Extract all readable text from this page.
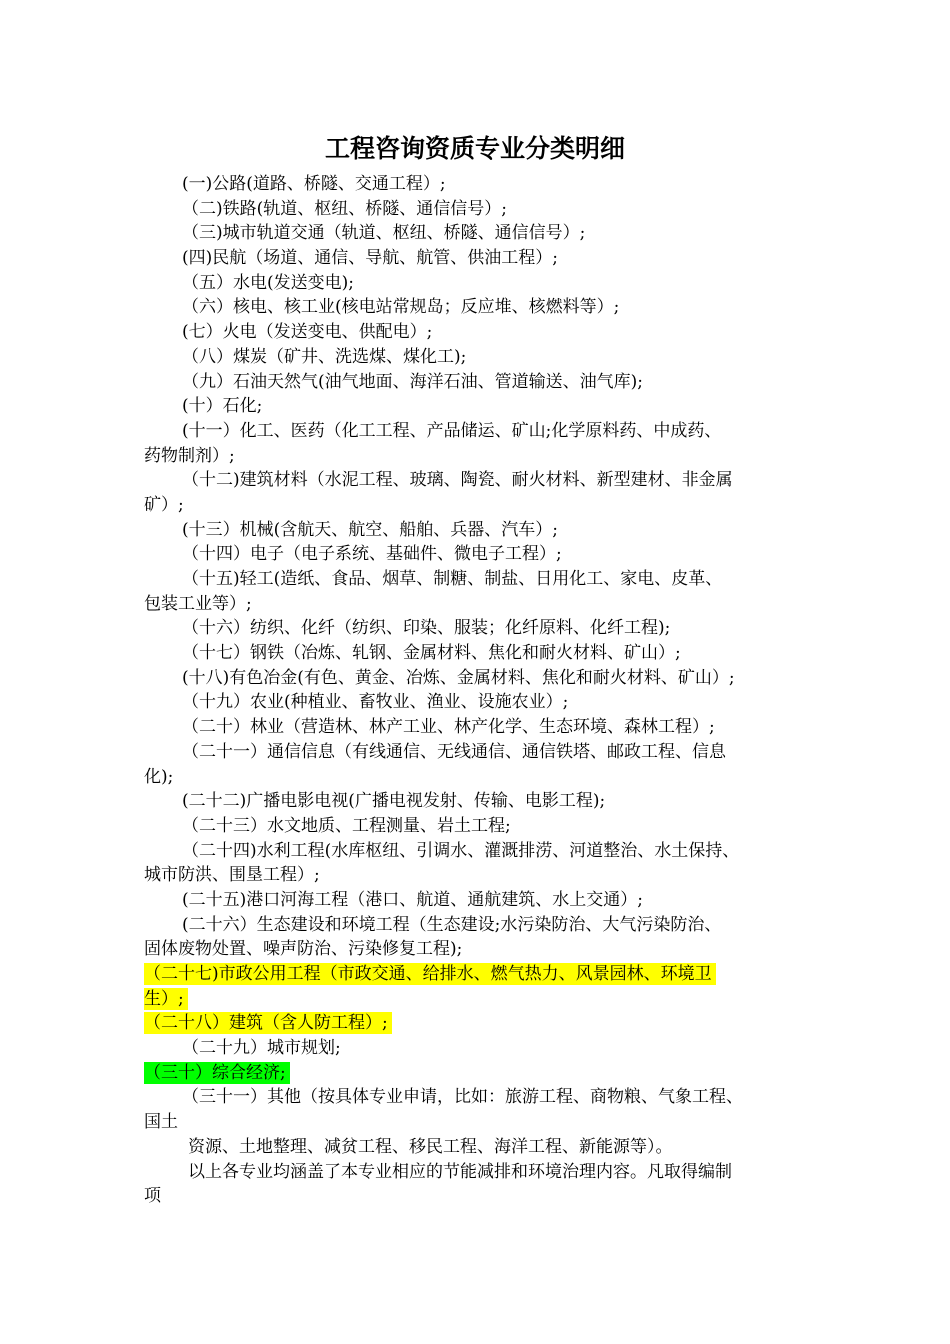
工程咨询资质专业分类明细
(一)公路(道路、桥隧、交通工程）;
（二)铁路(轨道、枢纽、桥隧、通信信号）;
（三)城市轨道交通（轨道、枢纽、桥隧、通信信号）;
(四)民航（场道、通信、导航、航管、供油工程）;
（五）水电(发送变电);
（六）核电、核工业(核电站常规岛；反应堆、核燃料等）;
(七）火电（发送变电、供配电）;
（八）煤炭（矿井、洗选煤、煤化工);
（九）石油天然气(油气地面、海洋石油、管道输送、油气库);
(十）石化;
(十一）化工、医药（化工工程、产品储运、矿山;化学原料药、中成药、
药物制剂）;
（十二)建筑材料（水泥工程、玻璃、陶瓷、耐火材料、新型建材、非金属
矿）;
(十三）机械(含航天、航空、船舶、兵器、汽车）;
（十四）电子（电子系统、基础件、微电子工程）;
（十五)轻工(造纸、食品、烟草、制糖、制盐、日用化工、家电、皮革、
包装工业等）;
（十六）纺织、化纤（纺织、印染、服装；化纤原料、化纤工程);
（十七）钢铁（冶炼、轧钢、金属材料、焦化和耐火材料、矿山）;
(十八)有色冶金(有色、黄金、冶炼、金属材料、焦化和耐火材料、矿山）;
（十九）农业(种植业、畜牧业、渔业、设施农业）;
（二十）林业（营造林、林产工业、林产化学、生态环境、森林工程）;
（二十一）通信信息（有线通信、无线通信、通信铁塔、邮政工程、信息
化);
(二十二)广播电影电视(广播电视发射、传输、电影工程);
（二十三）水文地质、工程测量、岩土工程;
（二十四)水利工程(水库枢纽、引调水、灌溉排涝、河道整治、水土保持、
城市防洪、围垦工程）;
(二十五)港口河海工程（港口、航道、通航建筑、水上交通）;
(二十六）生态建设和环境工程（生态建设;水污染防治、大气污染防治、
固体废物处置、噪声防治、污染修复工程);
（二十七)市政公用工程（市政交通、给排水、燃气热力、风景园林、环境卫
生）;
（二十八）建筑（含人防工程）;
（二十九）城市规划;
（三十）综合经济;
（三十一）其他（按具体专业申请，比如：旅游工程、商物粮、气象工程、
国土
资源、土地整理、减贫工程、移民工程、海洋工程、新能源等）。
以上各专业均涵盖了本专业相应的节能减排和环境治理内容。凡取得编制
项
